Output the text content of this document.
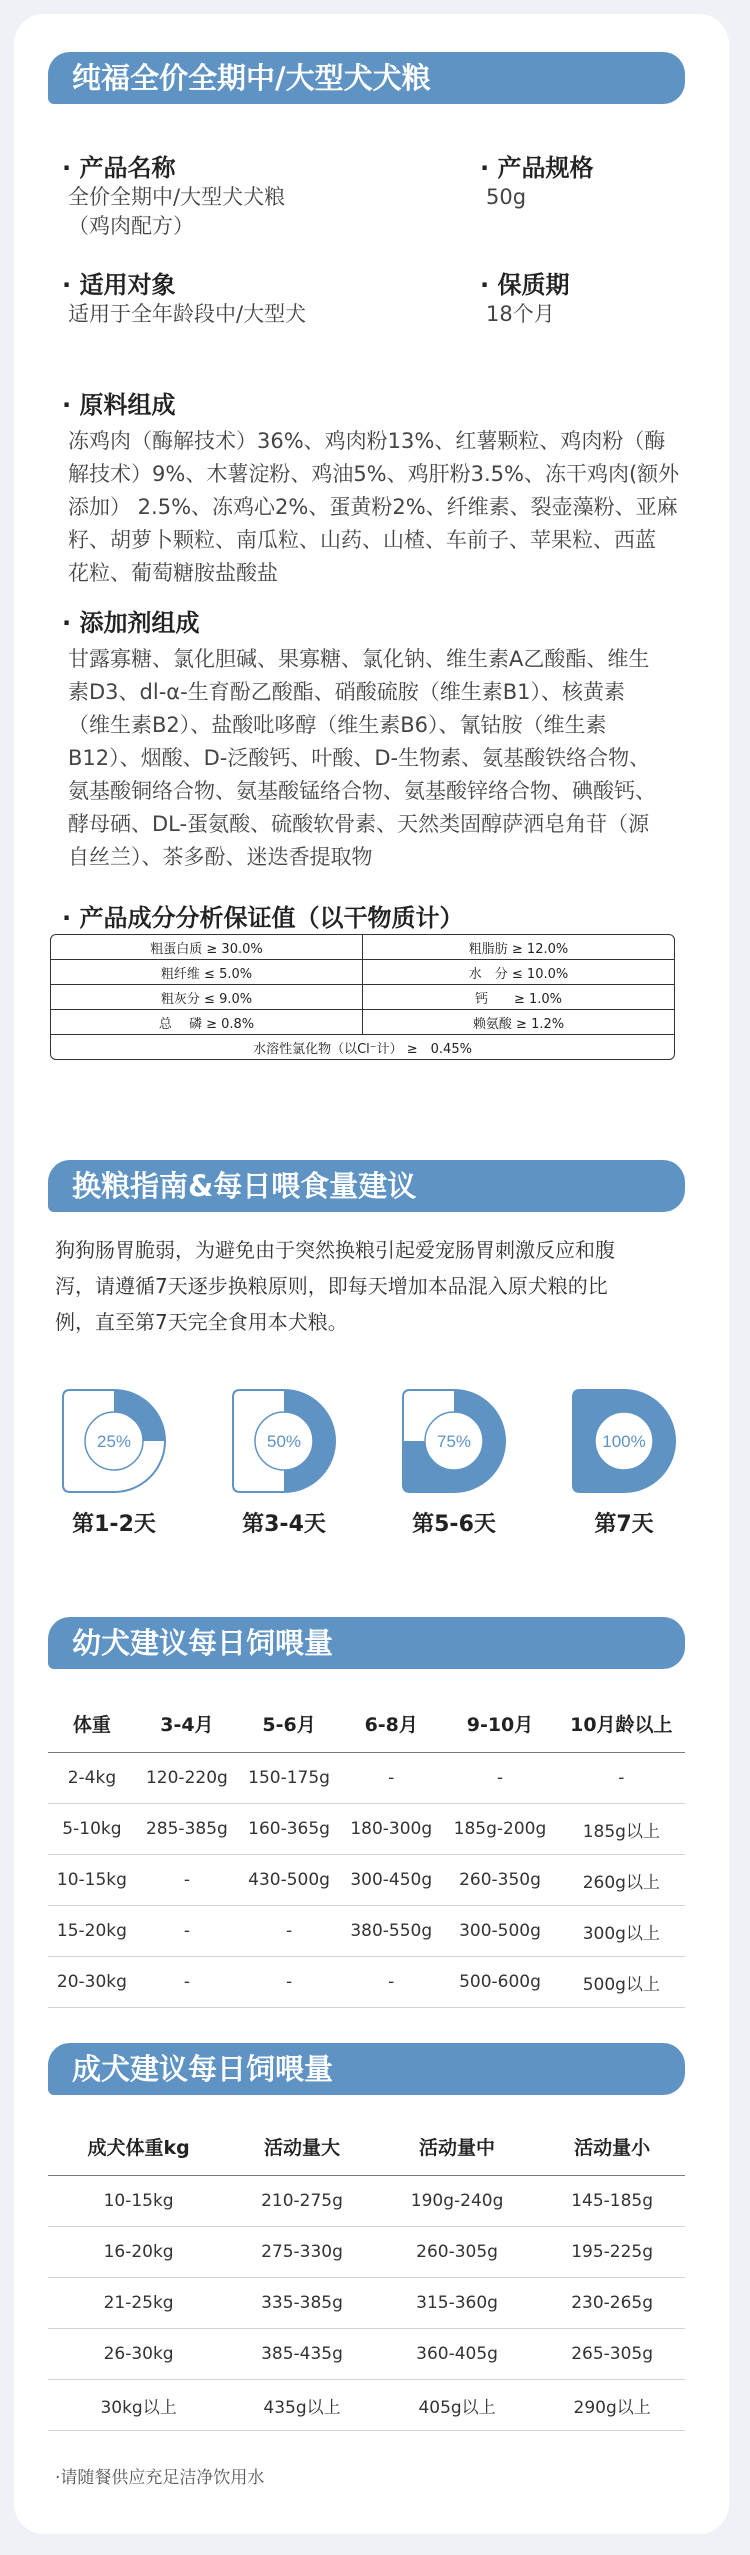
纯福全价全期中/大型犬犬粮
· 产品名称
全价全期中/大型犬犬粮
（鸡肉配方）
· 产品规格
50g
· 适用对象
适用于全年龄段中/大型犬
· 保质期
18个月
· 原料组成
冻鸡肉（酶解技术）36%、鸡肉粉13%、红薯颗粒、鸡肉粉（酶
解技术）9%、木薯淀粉、鸡油5%、鸡肝粉3.5%、冻干鸡肉(额外
添加） 2.5%、冻鸡心2%、蛋黄粉2%、纤维素、裂壶藻粉、亚麻
籽、胡萝卜颗粒、南瓜粒、山药、山楂、车前子、苹果粒、西蓝
花粒、葡萄糖胺盐酸盐
· 添加剂组成
甘露寡糖、氯化胆碱、果寡糖、氯化钠、维生素A乙酸酯、维生
素D3、dl-α-生育酚乙酸酯、硝酸硫胺（维生素B1）、核黄素
（维生素B2）、盐酸吡哆醇（维生素B6）、氰钴胺（维生素
B12）、烟酸、D-泛酸钙、叶酸、D-生物素、氨基酸铁络合物、
氨基酸铜络合物、氨基酸锰络合物、氨基酸锌络合物、碘酸钙、
酵母硒、DL-蛋氨酸、硫酸软骨素、天然类固醇萨洒皂角苷（源
自丝兰）、茶多酚、迷迭香提取物
· 产品成分分析保证值（以干物质计）
粗蛋白质 ≥ 30.0%	粗脂肪 ≥ 12.0%
粗纤维 ≤ 5.0%	水　分 ≤ 10.0%
粗灰分 ≤ 9.0%	钙　　≥ 1.0%
总　 磷 ≥ 0.8%	赖氨酸 ≥ 1.2%
水溶性氯化物（以Cl⁻计） ≥　0.45%	
换粮指南&每日喂食量建议
狗狗肠胃脆弱，为避免由于突然换粮引起爱宠肠胃刺激反应和腹
泻，请遵循7天逐步换粮原则，即每天增加本品混入原犬粮的比
例，直至第7天完全食用本犬粮。
25%
第1-2天
50%
第3-4天
75%
第5-6天
100%
第7天
幼犬建议每日饲喂量
体重	3-4月	5-6月	6-8月	9-10月	10月龄以上
2-4kg	120-220g	150-175g	-	-	-
5-10kg	285-385g	160-365g	180-300g	185g-200g	185g以上
10-15kg	-	430-500g	300-450g	260-350g	260g以上
15-20kg	-	-	380-550g	300-500g	300g以上
20-30kg	-	-	-	500-600g	500g以上
成犬建议每日饲喂量
成犬体重kg	活动量大	活动量中	活动量小
10-15kg	210-275g	190g-240g	145-185g
16-20kg	275-330g	260-305g	195-225g
21-25kg	335-385g	315-360g	230-265g
26-30kg	385-435g	360-405g	265-305g
30kg以上	435g以上	405g以上	290g以上
·请随餐供应充足洁净饮用水
